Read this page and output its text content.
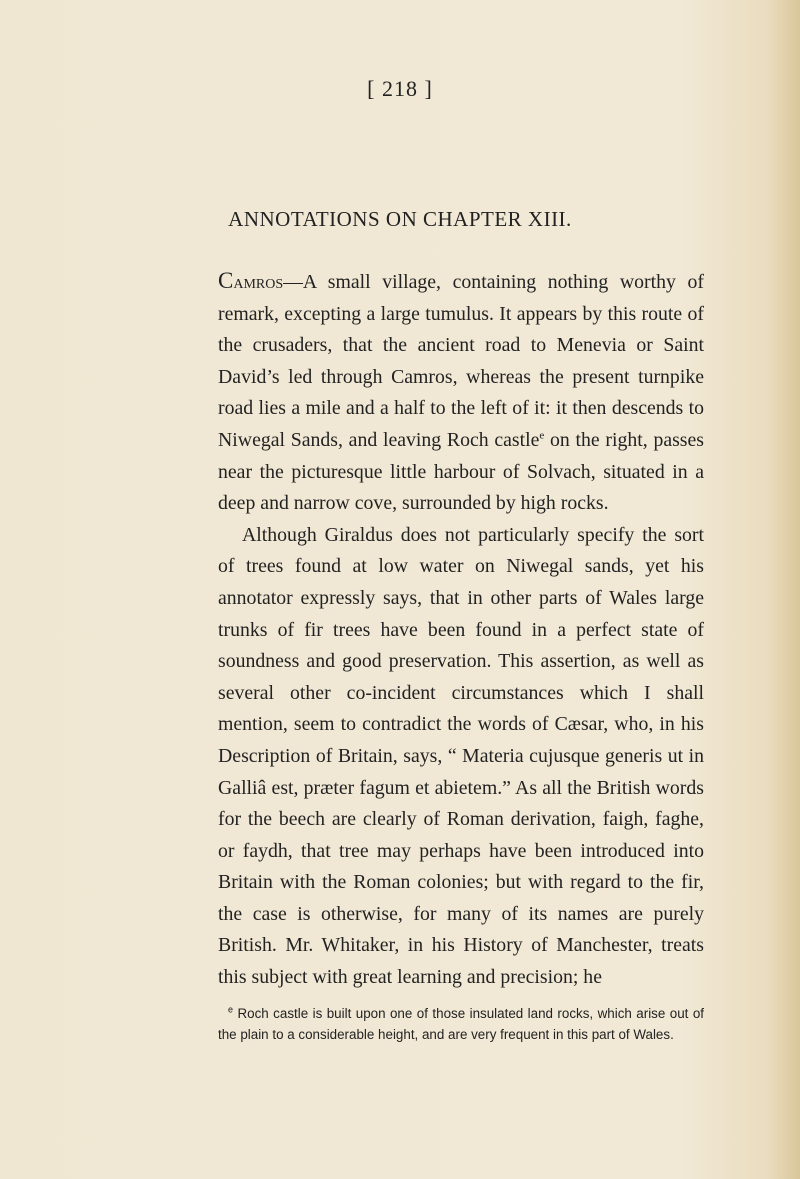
[ 218 ]
ANNOTATIONS ON CHAPTER XIII.

Camros—A small village, containing nothing worthy of remark, excepting a large tumulus. It appears by this route of the crusaders, that the ancient road to Menevia or Saint David’s led through Camros, whereas the present turnpike road lies a mile and a half to the left of it: it then descends to Niwegal Sands, and leaving Roch castle$^e$ on the right, passes near the picturesque little harbour of Solvach, situated in a deep and narrow cove, surrounded by high rocks.

Although Giraldus does not particularly specify the sort of trees found at low water on Niwegal sands, yet his annotator expressly says, that in other parts of Wales large trunks of fir trees have been found in a perfect state of soundness and good preservation. This assertion, as well as several other co-incident circumstances which I shall mention, seem to contradict the words of Cæsar, who, in his Description of Britain, says, “ Materia cujusque generis ut in Galliâ est, præter fagum et abietem.” As all the British words for the beech are clearly of Roman derivation, faigh, faghe, or faydh, that tree may perhaps have been introduced into Britain with the Roman colonies; but with regard to the fir, the case is otherwise, for many of its names are purely British. Mr. Whitaker, in his History of Manchester, treats this subject with great learning and precision; he

$^e$ Roch castle is built upon one of those insulated land rocks, which arise out of the plain to a considerable height, and are very frequent in this part of Wales.
